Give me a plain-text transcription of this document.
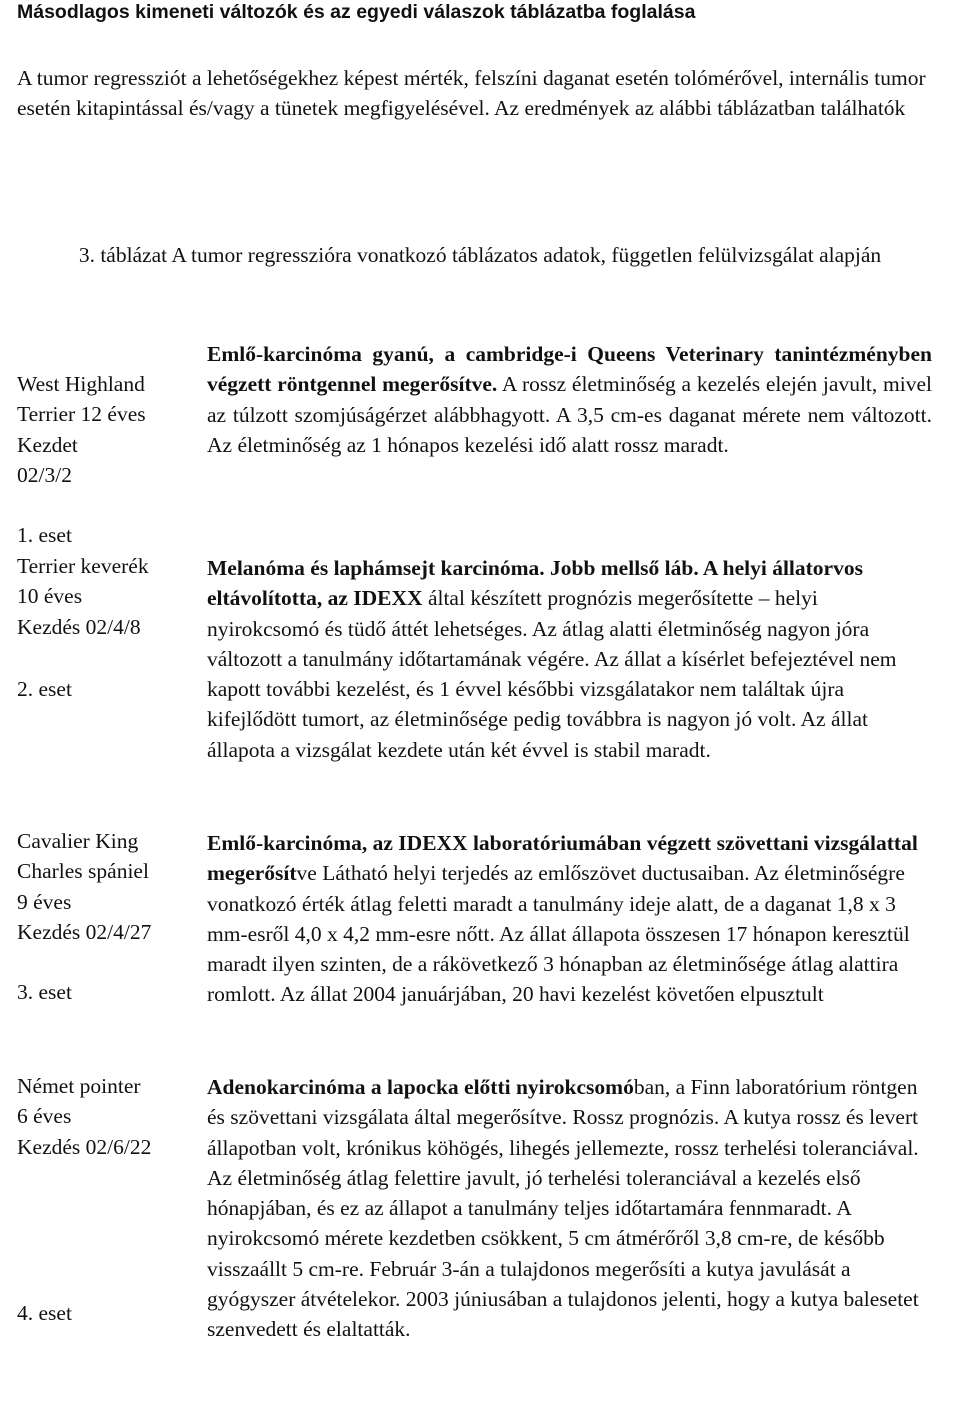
Másodlagos kimeneti változók és az egyedi válaszok táblázatba foglalása
A tumor regressziót a lehetőségekhez képest mérték, felszíni daganat esetén tolómérővel, internális tumor esetén kitapintással és/vagy a tünetek megfigyelésével. Az eredmények az alábbi táblázatban találhatók
3. táblázat A tumor regresszióra vonatkozó táblázatos adatok, független felülvizsgálat alapján
West Highland
Terrier 12 éves
Kezdet
02/3/2
1. eset
Emlő-karcinóma gyanú, a cambridge-i Queens Veterinary tanintézményben végzett röntgennel megerősítve. A rossz életminőség a kezelés elején javult, mivel az túlzott szomjúságérzet alábbhagyott. A 3,5 cm-es daganat mérete nem változott. Az életminőség az 1 hónapos kezelési idő alatt rossz maradt.
Terrier keverék
10 éves
Kezdés 02/4/8
2. eset
Melanóma és laphámsejt karcinóma. Jobb mellső láb. A helyi állatorvos eltávolította, az IDEXX által készített prognózis megerősítette – helyi nyirokcsomó és tüdő áttét lehetséges. Az átlag alatti életminőség nagyon jóra változott a tanulmány időtartamának végére. Az állat a kísérlet befejeztével nem kapott további kezelést, és 1 évvel későbbi vizsgálatakor nem találtak újra kifejlődött tumort, az életminősége pedig továbbra is nagyon jó volt. Az állat állapota a vizsgálat kezdete után két évvel is stabil maradt.
Cavalier King
Charles spániel
9 éves
Kezdés 02/4/27
3. eset
Emlő-karcinóma, az IDEXX laboratóriumában végzett szövettani vizsgálattal megerősítve Látható helyi terjedés az emlőszövet ductusaiban. Az életminőségre vonatkozó érték átlag feletti maradt a tanulmány ideje alatt, de a daganat 1,8 x 3 mm-esről 4,0 x 4,2 mm-esre nőtt. Az állat állapota összesen 17 hónapon keresztül maradt ilyen szinten, de a rákövetkező 3 hónapban az életminősége átlag alattira romlott. Az állat 2004 januárjában, 20 havi kezelést követően elpusztult
Német pointer
6 éves
Kezdés 02/6/22
4. eset
Adenokarcinóma a lapocka előtti nyirokcsomóban, a Finn laboratórium röntgen és szövettani vizsgálata által megerősítve. Rossz prognózis. A kutya rossz és levert állapotban volt, krónikus köhögés, lihegés jellemezte, rossz terhelési toleranciával. Az életminőség átlag felettire javult, jó terhelési toleranciával a kezelés első hónapjában, és ez az állapot a tanulmány teljes időtartamára fennmaradt. A nyirokcsomó mérete kezdetben csökkent, 5 cm átmérőről 3,8 cm-re, de később visszaállt 5 cm-re. Február 3-án a tulajdonos megerősíti a kutya javulását a gyógyszer átvételekor. 2003 júniusában a tulajdonos jelenti, hogy a kutya balesetet szenvedett és elaltatták.
